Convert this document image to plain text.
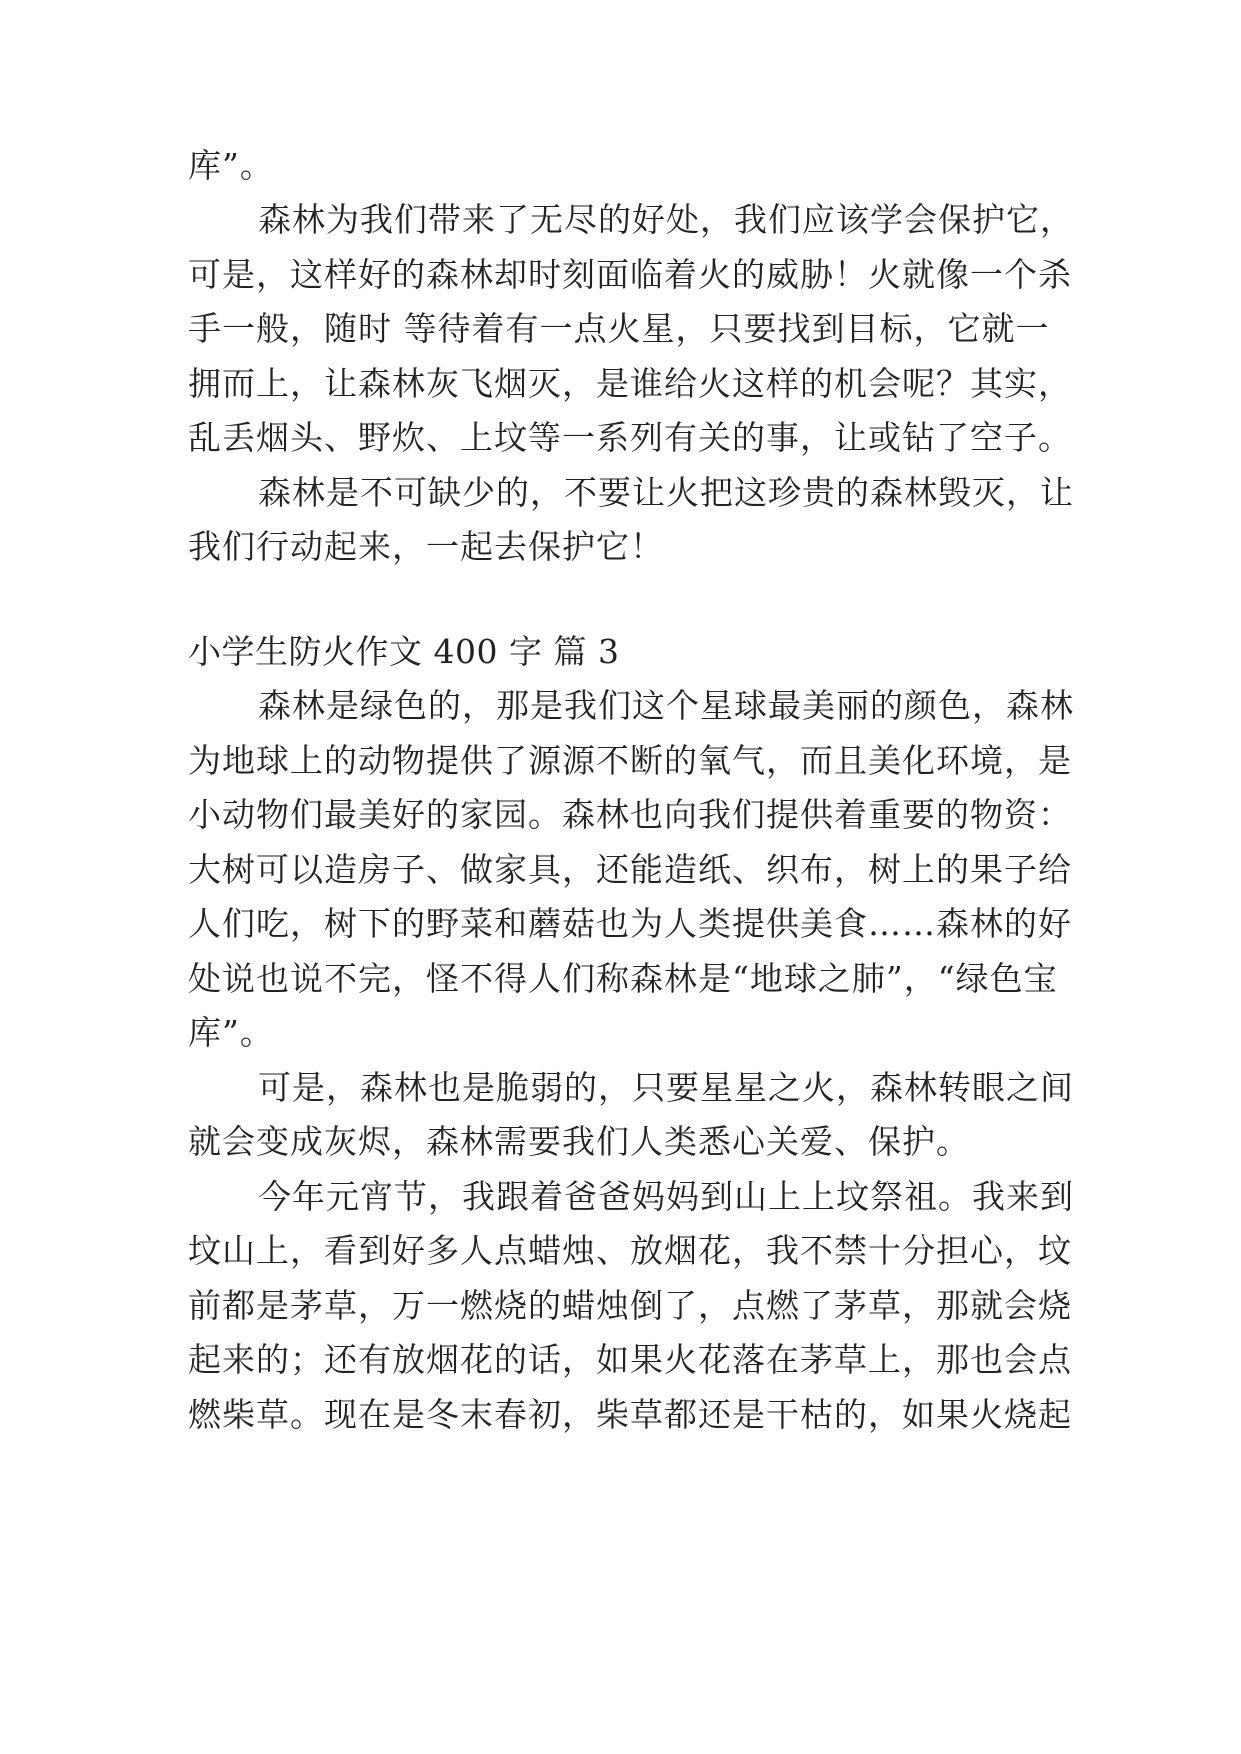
库”。
森林为我们带来了无尽的好处，我们应该学会保护它，
可是，这样好的森林却时刻面临着火的威胁！火就像一个杀
手一般，随时 等待着有一点火星，只要找到目标，它就一
拥而上，让森林灰飞烟灭，是谁给火这样的机会呢？其实，
乱丢烟头、野炊、上坟等一系列有关的事，让或钻了空子。
森林是不可缺少的，不要让火把这珍贵的森林毁灭，让
我们行动起来，一起去保护它！
小学生防火作文 400 字 篇 3
森林是绿色的，那是我们这个星球最美丽的颜色，森林
为地球上的动物提供了源源不断的氧气，而且美化环境，是
小动物们最美好的家园。森林也向我们提供着重要的物资：
大树可以造房子、做家具，还能造纸、织布，树上的果子给
人们吃，树下的野菜和蘑菇也为人类提供美食……森林的好
处说也说不完，怪不得人们称森林是“地球之肺”，“绿色宝
库”。
可是，森林也是脆弱的，只要星星之火，森林转眼之间
就会变成灰烬，森林需要我们人类悉心关爱、保护。
今年元宵节，我跟着爸爸妈妈到山上上坟祭祖。我来到
坟山上，看到好多人点蜡烛、放烟花，我不禁十分担心，坟
前都是茅草，万一燃烧的蜡烛倒了，点燃了茅草，那就会烧
起来的；还有放烟花的话，如果火花落在茅草上，那也会点
燃柴草。现在是冬末春初，柴草都还是干枯的，如果火烧起
